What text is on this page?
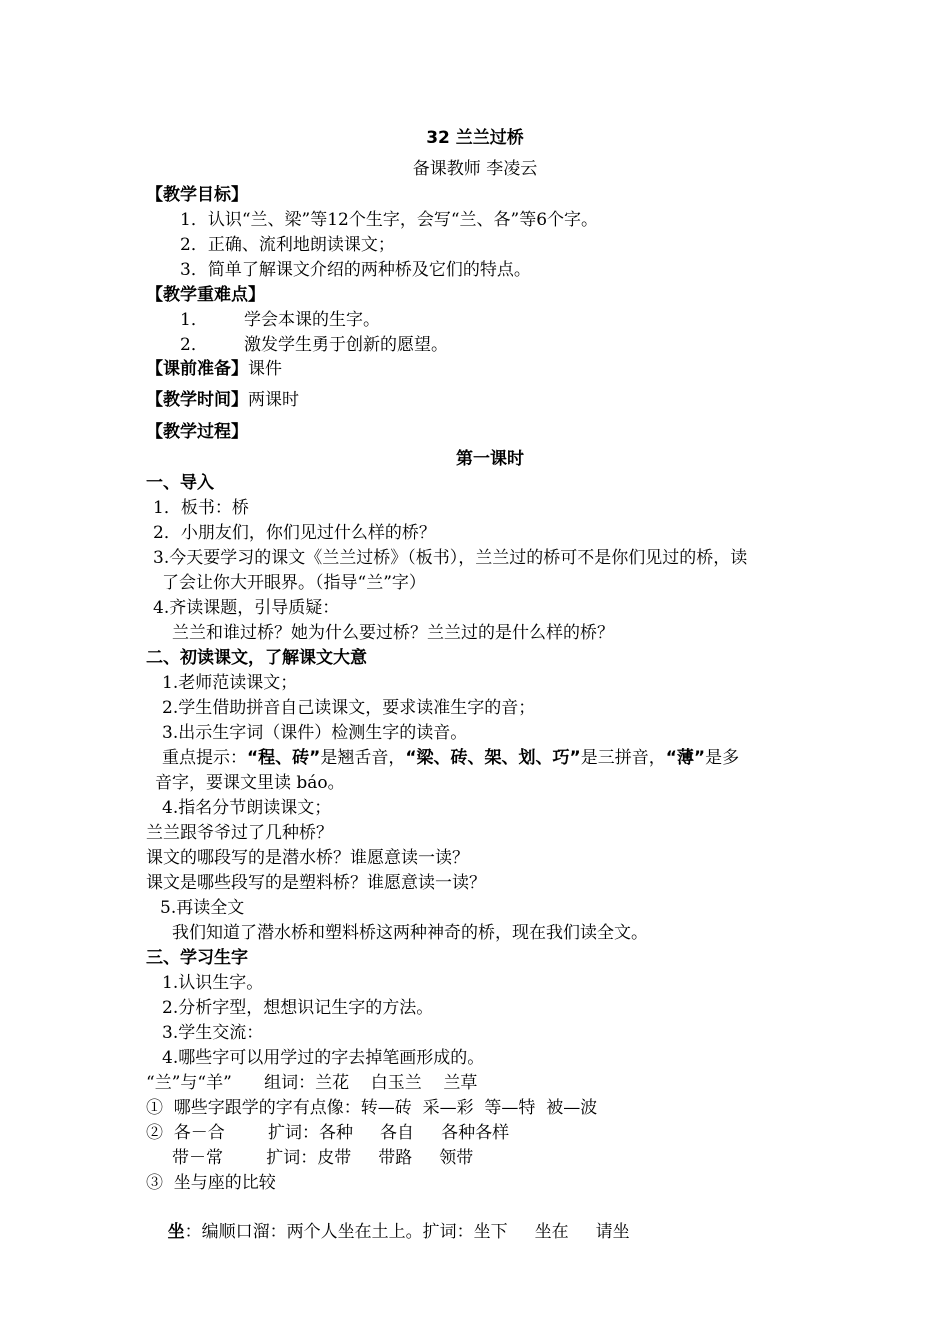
32 兰兰过桥
备课教师 李凌云
【教学目标】
1．认识“兰、梁”等12个生字，会写“兰、各”等6个字。
2．正确、流利地朗读课文；
3．简单了解课文介绍的两种桥及它们的特点。
【教学重难点】
1． 学会本课的生字。
2． 激发学生勇于创新的愿望。
【课前准备】课件
【教学时间】两课时
【教学过程】
第一课时
一、导入
1．板书：桥
2．小朋友们，你们见过什么样的桥？
3.今天要学习的课文《兰兰过桥》（板书），兰兰过的桥可不是你们见过的桥，读
了会让你大开眼界。（指导“兰”字）
4.齐读课题，引导质疑：
兰兰和谁过桥？她为什么要过桥？兰兰过的是什么样的桥？
二、初读课文，了解课文大意
1.老师范读课文；
2.学生借助拼音自己读课文，要求读准生字的音；
3.出示生字词（课件）检测生字的读音。
重点提示：“程、砖”是翘舌音，“梁、砖、架、划、巧”是三拼音，“薄”是多
音字，要课文里读 báo。
4.指名分节朗读课文；
兰兰跟爷爷过了几种桥？
课文的哪段写的是潜水桥？谁愿意读一读？
课文是哪些段写的是塑料桥？谁愿意读一读？
5.再读全文
我们知道了潜水桥和塑料桥这两种神奇的桥，现在我们读全文。
三、学习生字
1.认识生字。
2.分析字型，想想识记生字的方法。
3.学生交流：
4.哪些字可以用学过的字去掉笔画形成的。
“兰”与“羊”      组词：兰花    白玉兰    兰草
①  哪些字跟学的字有点像：转—砖  采—彩  等—特  被—波
②  各－合        扩词：各种     各自     各种各样
带－常        扩词：皮带     带路     领带
③  坐与座的比较

坐：编顺口溜：两个人坐在土上。扩词：坐下     坐在     请坐
